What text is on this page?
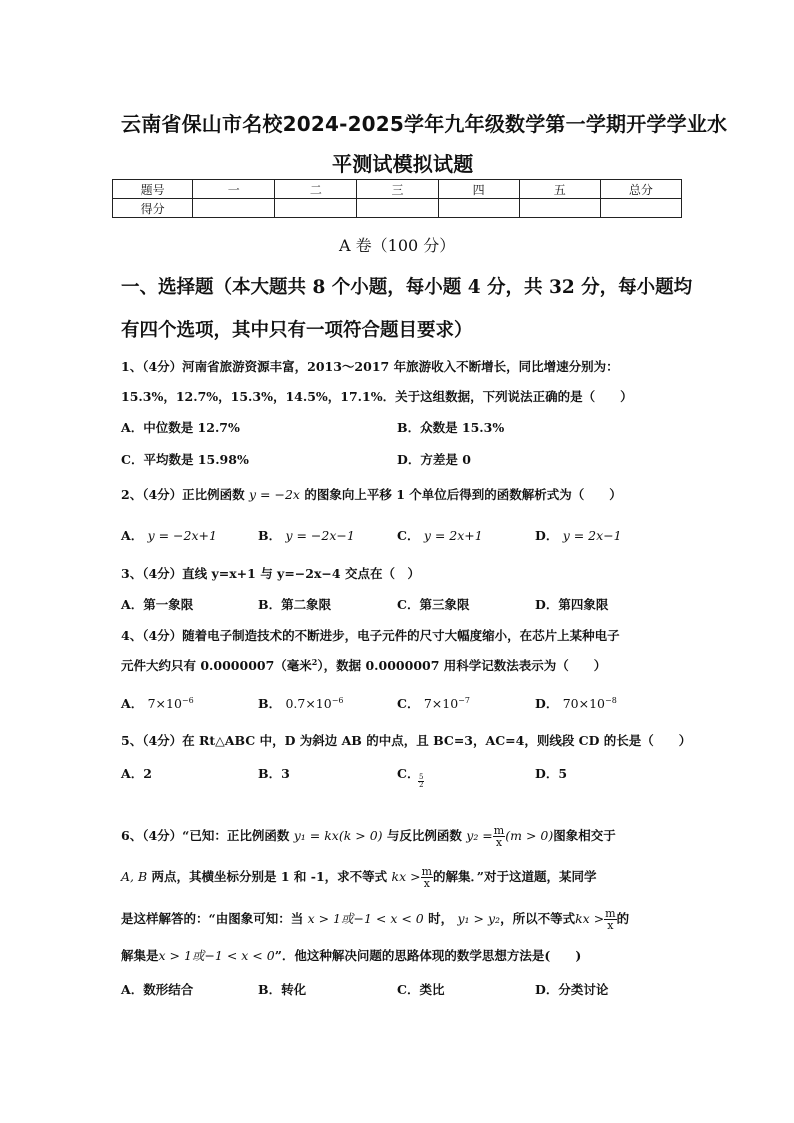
云南省保山市名校2024-2025学年九年级数学第一学期开学学业水
平测试模拟试题
题号	一	二	三	四	五	总分
得分						
A 卷（100 分）
一、选择题（本大题共 8 个小题，每小题 4 分，共 32 分，每小题均
有四个选项，其中只有一项符合题目要求）
1、（4分）河南省旅游资源丰富，2013～2017 年旅游收入不断增长，同比增速分别为：
15.3%，12.7%，15.3%，14.5%，17.1%．关于这组数据，下列说法正确的是（　　）
A．中位数是 12.7%	B．众数是 15.3%
C．平均数是 15.98%	D．方差是 0
2、（4分）正比例函数 y = −2x 的图象向上平移 1 个单位后得到的函数解析式为（　　）
A． y = −2x+1	B． y = −2x−1	C． y = 2x+1	D． y = 2x−1
3、（4分）直线 y=x+1 与 y=−2x−4 交点在（　）
A．第一象限	B．第二象限	C．第三象限	D．第四象限
4、（4分）随着电子制造技术的不断进步，电子元件的尺寸大幅度缩小，在芯片上某种电子
元件大约只有 0.0000007（毫米$^2$），数据 0.0000007 用科学记数法表示为（　　）
A． $7\times 10^{-6}$	B． $0.7\times 10^{-6}$	C． $7\times 10^{-7}$	D． $70\times 10^{-8}$
5、（4分）在 Rt△ABC 中，D 为斜边 AB 的中点，且 BC=3，AC=4，则线段 CD 的长是（　　）
A．2	B．3	C．
$\frac{5}{2}$
D．5
6、（4分）“已知：正比例函数 y₁ = kx(k > 0) 与反比例函数 $y_2 = \frac{m}{x} (m > 0)$图象相交于
A, B 两点，其横坐标分别是 1 和 -1，求不等式 kx > $\frac{m}{x}$ 的解集．”对于这道题，某同学
是这样解答的：“由图象可知：当 x > 1或−1 < x < 0 时， y₁ > y₂，所以不等式kx > $\frac{m}{x}$ 的
解集是x > 1或−1 < x < 0”．他这种解决问题的思路体现的数学思想方法是(　　)
A．数形结合	B．转化	C．类比	D．分类讨论
